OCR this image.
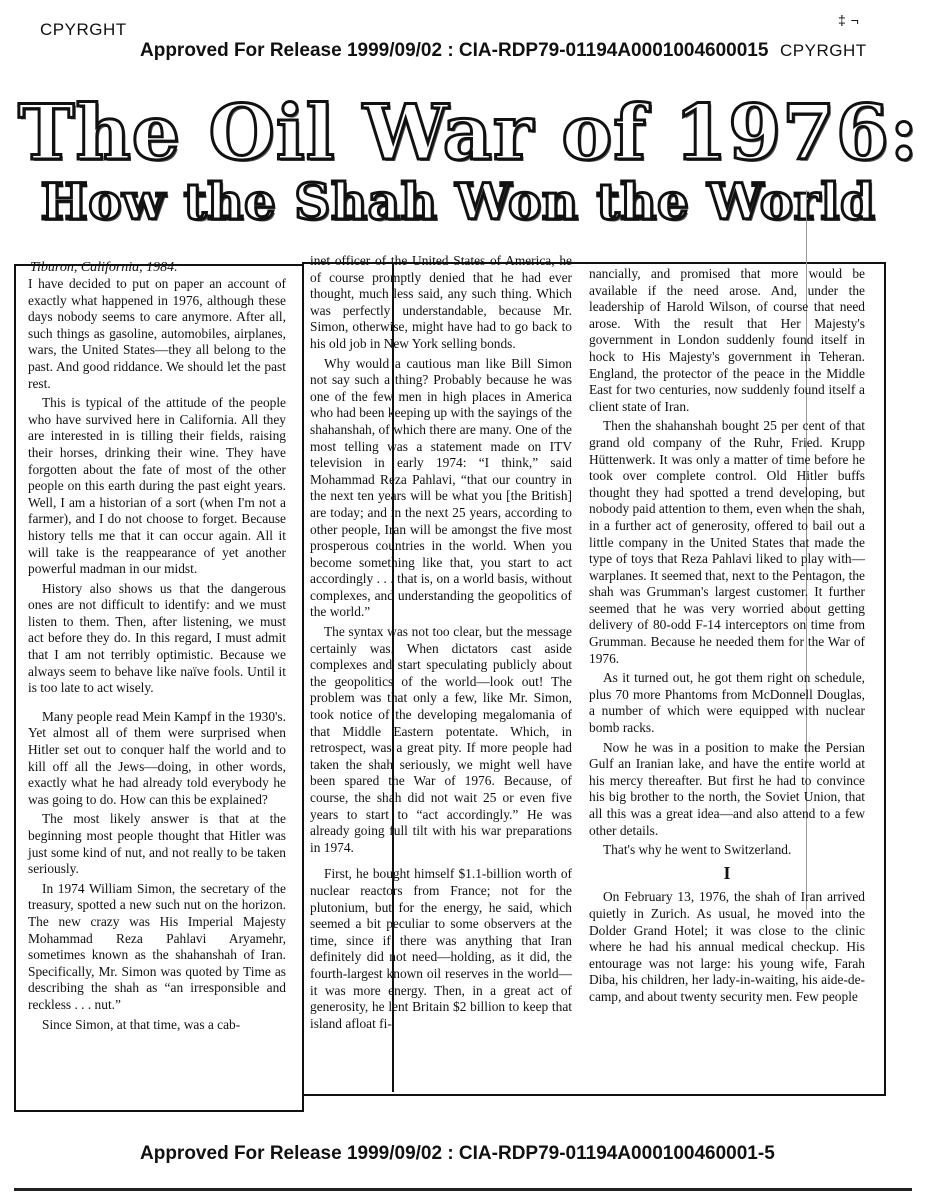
CPYRGHT
Approved For Release 1999/09/02 : CIA-RDP79-01194A0001004600015 CPYRGHT
‡ ¬
The Oil War of 1976:
How the Shah Won the World
Tiburon, California, 1984.

I have decided to put on paper an account of exactly what happened in 1976, although these days nobody seems to care anymore. After all, such things as gasoline, automobiles, airplanes, wars, the United States—they all belong to the past. And good riddance. We should let the past rest.

This is typical of the attitude of the people who have survived here in California. All they are interested in is tilling their fields, raising their horses, drinking their wine. They have forgotten about the fate of most of the other people on this earth during the past eight years. Well, I am a historian of a sort (when I'm not a farmer), and I do not choose to forget. Because history tells me that it can occur again. All it will take is the reappearance of yet another powerful madman in our midst.

History also shows us that the dangerous ones are not difficult to identify: and we must listen to them. Then, after listening, we must act before they do. In this regard, I must admit that I am not terribly optimistic. Because we always seem to behave like naïve fools. Until it is too late to act wisely.

Many people read Mein Kampf in the 1930's. Yet almost all of them were surprised when Hitler set out to conquer half the world and to kill off all the Jews—doing, in other words, exactly what he had already told everybody he was going to do. How can this be explained?

The most likely answer is that at the beginning most people thought that Hitler was just some kind of nut, and not really to be taken seriously.

In 1974 William Simon, the secretary of the treasury, spotted a new such nut on the horizon. The new crazy was His Imperial Majesty Mohammad Reza Pahlavi Aryamehr, sometimes known as the shahanshah of Iran. Specifically, Mr. Simon was quoted by Time as describing the shah as “an irresponsible and reckless . . . nut.”

Since Simon, at that time, was a cab-

inet officer of the United States of America, he of course promptly denied that he had ever thought, much less said, any such thing. Which was perfectly understandable, because Mr. Simon, otherwise, might have had to go back to his old job in New York selling bonds.

Why would a cautious man like Bill Simon not say such a thing? Probably because he was one of the few men in high places in America who had been keeping up with the sayings of the shahanshah, of which there are many. One of the most telling was a statement made on ITV television in early 1974: “I think,” said Mohammad Reza Pahlavi, “that our country in the next ten years will be what you [the British] are today; and in the next 25 years, according to other people, Iran will be amongst the five most prosperous countries in the world. When you become something like that, you start to act accordingly . . . that is, on a world basis, without complexes, and understanding the geopolitics of the world.”

The syntax was not too clear, but the message certainly was. When dictators cast aside complexes and start speculating publicly about the geopolitics of the world—look out! The problem was that only a few, like Mr. Simon, took notice of the developing megalomania of that Middle Eastern potentate. Which, in retrospect, was a great pity. If more people had taken the shah seriously, we might well have been spared the War of 1976. Because, of course, the shah did not wait 25 or even five years to start to “act accordingly.” He was already going full tilt with his war preparations in 1974.

First, he bought himself $1.1-billion worth of nuclear reactors from France; not for the plutonium, but for the energy, he said, which seemed a bit peculiar to some observers at the time, since if there was anything that Iran definitely did not need—holding, as it did, the fourth-largest known oil reserves in the world—it was more energy. Then, in a great act of generosity, he lent Britain $2 billion to keep that island afloat fi-

nancially, and promised that more would be available if the need arose. And, under the leadership of Harold Wilson, of course that need arose. With the result that Her Majesty's government in London suddenly found itself in hock to His Majesty's government in Teheran. England, the protector of the peace in the Middle East for two centuries, now suddenly found itself a client state of Iran.

Then the shahanshah bought 25 per cent of that grand old company of the Ruhr, Fried. Krupp Hüttenwerk. It was only a matter of time before he took over complete control. Old Hitler buffs thought they had spotted a trend developing, but nobody paid attention to them, even when the shah, in a further act of generosity, offered to bail out a little company in the United States that made the type of toys that Reza Pahlavi liked to play with—warplanes. It seemed that, next to the Pentagon, the shah was Grumman's largest customer. It further seemed that he was very worried about getting delivery of 80-odd F-14 interceptors on time from Grumman. Because he needed them for the War of 1976.

As it turned out, he got them right on schedule, plus 70 more Phantoms from McDonnell Douglas, a number of which were equipped with nuclear bomb racks.

Now he was in a position to make the Persian Gulf an Iranian lake, and have the entire world at his mercy thereafter. But first he had to convince his big brother to the north, the Soviet Union, that all this was a great idea—and also attend to a few other details.

That's why he went to Switzerland.

I

On February 13, 1976, the shah of Iran arrived quietly in Zurich. As usual, he moved into the Dolder Grand Hotel; it was close to the clinic where he had his annual medical checkup. His entourage was not large: his young wife, Farah Diba, his children, her lady-in-waiting, his aide-de-camp, and about twenty security men. Few people

Approved For Release 1999/09/02 : CIA-RDP79-01194A000100460001-5
